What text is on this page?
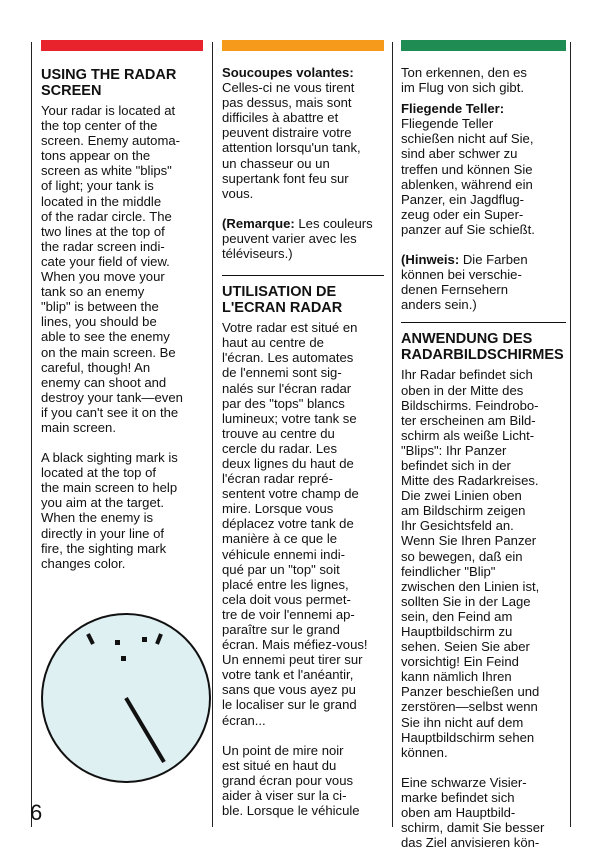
USING THE RADAR
SCREEN
Your radar is located at
the top center of the
screen. Enemy automa-
tons appear on the
screen as white "blips"
of light; your tank is
located in the middle
of the radar circle. The
two lines at the top of
the radar screen indi-
cate your field of view.
When you move your
tank so an enemy
"blip" is between the
lines, you should be
able to see the enemy
on the main screen. Be
careful, though! An
enemy can shoot and
destroy your tank—even
if you can't see it on the
main screen.
A black sighting mark is
located at the top of
the main screen to help
you aim at the target.
When the enemy is
directly in your line of
fire, the sighting mark
changes color.
Soucoupes volantes:
Celles-ci ne vous tirent
pas dessus, mais sont
difficiles à abattre et
peuvent distraire votre
attention lorsqu'un tank,
un chasseur ou un
supertank font feu sur
vous.
(Remarque: Les couleurs
peuvent varier avec les
téléviseurs.)
UTILISATION DE
L'ECRAN RADAR
Votre radar est situé en
haut au centre de
l'écran. Les automates
de l'ennemi sont sig-
nalés sur l'écran radar
par des "tops" blancs
lumineux; votre tank se
trouve au centre du
cercle du radar. Les
deux lignes du haut de
l'écran radar repré-
sentent votre champ de
mire. Lorsque vous
déplacez votre tank de
manière à ce que le
véhicule ennemi indi-
qué par un "top" soit
placé entre les lignes,
cela doit vous permet-
tre de voir l'ennemi ap-
paraître sur le grand
écran. Mais méfiez-vous!
Un ennemi peut tirer sur
votre tank et l'anéantir,
sans que vous ayez pu
le localiser sur le grand
écran...
Un point de mire noir
est situé en haut du
grand écran pour vous
aider à viser sur la ci-
ble. Lorsque le véhicule
Ton erkennen, den es
im Flug von sich gibt.
Fliegende Teller:
Fliegende Teller
schießen nicht auf Sie,
sind aber schwer zu
treffen und können Sie
ablenken, während ein
Panzer, ein Jagdflug-
zeug oder ein Super-
panzer auf Sie schießt.
(Hinweis: Die Farben
können bei verschie-
denen Fernsehern
anders sein.)
ANWENDUNG DES
RADARBILDSCHIRMES
Ihr Radar befindet sich
oben in der Mitte des
Bildschirms. Feindrobo-
ter erscheinen am Bild-
schirm als weiße Licht-
"Blips": Ihr Panzer
befindet sich in der
Mitte des Radarkreises.
Die zwei Linien oben
am Bildschirm zeigen
Ihr Gesichtsfeld an.
Wenn Sie Ihren Panzer
so bewegen, daß ein
feindlicher "Blip"
zwischen den Linien ist,
sollten Sie in der Lage
sein, den Feind am
Hauptbildschirm zu
sehen. Seien Sie aber
vorsichtig! Ein Feind
kann nämlich Ihren
Panzer beschießen und
zerstören—selbst wenn
Sie ihn nicht auf dem
Hauptbildschirm sehen
können.
Eine schwarze Visier-
marke befindet sich
oben am Hauptbild-
schirm, damit Sie besser
das Ziel anvisieren kön-
6
